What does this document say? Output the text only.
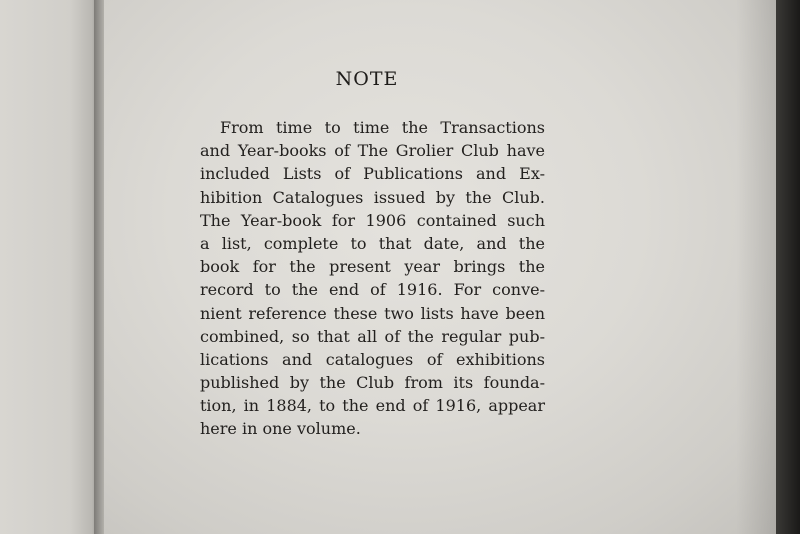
NOTE
From time to time the Transactions
and Year-books of The Grolier Club have
included Lists of Publications and Ex-
hibition Catalogues issued by the Club.
The Year-book for 1906 contained such
a list, complete to that date, and the
book for the present year brings the
record to the end of 1916. For conve-
nient reference these two lists have been
combined, so that all of the regular pub-
lications and catalogues of exhibitions
published by the Club from its founda-
tion, in 1884, to the end of 1916, appear
here in one volume.
